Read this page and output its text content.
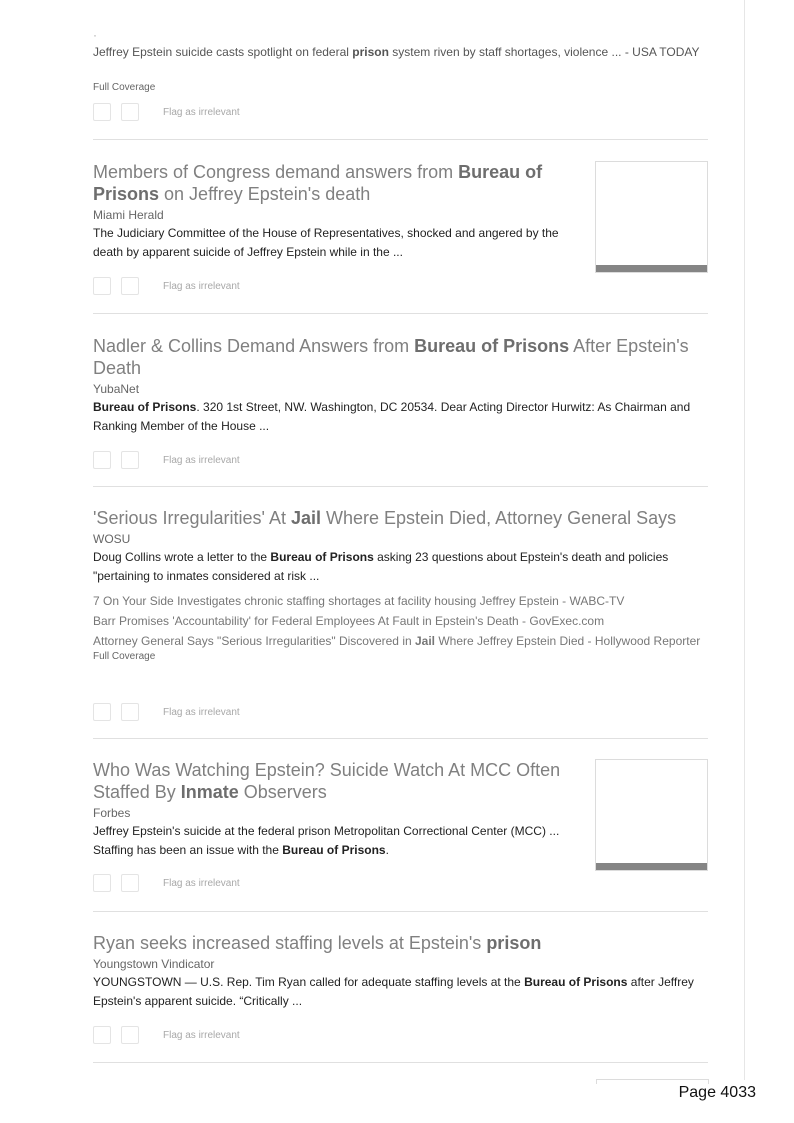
·
Jeffrey Epstein suicide casts spotlight on federal prison system riven by staff shortages, violence ... - USA TODAY
Full Coverage
Flag as irrelevant
Members of Congress demand answers from Bureau of Prisons on Jeffrey Epstein's death
Miami Herald
The Judiciary Committee of the House of Representatives, shocked and angered by the death by apparent suicide of Jeffrey Epstein while in the ...
Flag as irrelevant
Nadler & Collins Demand Answers from Bureau of Prisons After Epstein's Death
YubaNet
Bureau of Prisons. 320 1st Street, NW. Washington, DC 20534. Dear Acting Director Hurwitz: As Chairman and Ranking Member of the House ...
Flag as irrelevant
'Serious Irregularities' At Jail Where Epstein Died, Attorney General Says
WOSU
Doug Collins wrote a letter to the Bureau of Prisons asking 23 questions about Epstein's death and policies "pertaining to inmates considered at risk ...
7 On Your Side Investigates chronic staffing shortages at facility housing Jeffrey Epstein - WABC-TV
Barr Promises 'Accountability' for Federal Employees At Fault in Epstein's Death - GovExec.com
Attorney General Says "Serious Irregularities" Discovered in Jail Where Jeffrey Epstein Died - Hollywood Reporter
Full Coverage
Flag as irrelevant
Who Was Watching Epstein? Suicide Watch At MCC Often Staffed By Inmate Observers
Forbes
Jeffrey Epstein's suicide at the federal prison Metropolitan Correctional Center (MCC) ... Staffing has been an issue with the Bureau of Prisons.
Flag as irrelevant
Ryan seeks increased staffing levels at Epstein's prison
Youngstown Vindicator
YOUNGSTOWN — U.S. Rep. Tim Ryan called for adequate staffing levels at the Bureau of Prisons after Jeffrey Epstein's apparent suicide. “Critically ...
Flag as irrelevant
Page 4033
